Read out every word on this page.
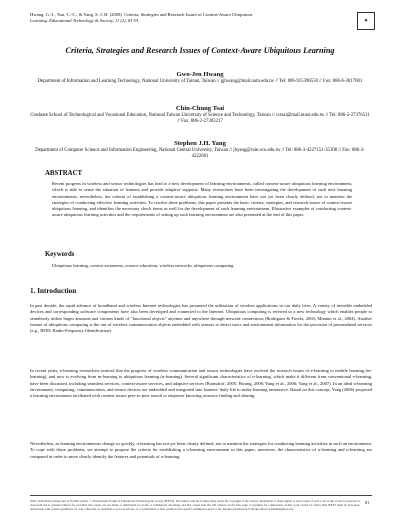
Hwang, G.-J., Tsai, C.-C., & Yang, S. J. H. (2008). Criteria, Strategies and Research Issues of Context-Aware Ubiquitous
Learning. Educational Technology & Society, 11 (2), 81-91.	✦
Criteria, Strategies and Research Issues of Context-Aware Ubiquitous Learning
Gwo-Jen Hwang
Department of Information and Learning Technology, National University of Tainan, Taiwan // gjhwang@mail.nutn.edu.tw // Tel: 886-915396558 // Fax: 886-6-3017001
Chin-Chung Tsai
Graduate School of Technological and Vocational Education, National Taiwan University of Science and Technology, Taiwan // cctsai@mail.ntust.edu.tw // Tel: 886-2-27376511 // Fax: 886-2-27303217
Stephen J.H. Yang
Department of Computer Science and Information Engineering, National Central University, Taiwan // jhyang@csie.ncu.edu.tw // Tel: 886-3-4227151-35308 // Fax: 886-3-4222681
ABSTRACT
Recent progress in wireless and sensor technologies has lead to a new development of learning environments, called context-aware ubiquitous learning environment, which is able to sense the situation of learners and provide adaptive supports. Many researchers have been investigating the development of such new learning environments; nevertheless, the criteria of establishing a context-aware ubiquitous learning environment have not yet been clearly defined, not to mention the strategies of conducting effective learning activities. To resolve these problems, this paper presents the basic criteria, strategies, and research issues of context-aware ubiquitous learning, and identifies the necessary check items as well for the development of such learning environment. Illustrative examples of conducting context-aware ubiquitous learning activities and the requirements of setting up such learning environment are also presented at the end of this paper.
Keywords
Ubiquitous learning, context awareness, science education, wireless networks, ubiquitous computing
1. Introduction
In past decade, the rapid advance of broadband and wireless Internet technologies has promoted the utilization of wireless applications in our daily lives. A variety of invisible embedded devices and corresponding software components have also been developed and connected to the Internet. Ubiquitous computing is referred to a new technology which enables people to seamlessly utilize huges amounts and various kinds of "functional objects" anytime and anywhere through network connections (Rodriguez & Favela, 2003; Minami et al., 2004). Another feature of ubiquitous computing is the use of wireless communication objects embedded with sensors to detect users and environment information for the provision of personalized services (e.g., RFID, Radio-Frequency Identification).
In recent years, e-learning researchers noticed that the progress of wireless communication and sensor technologies have evolved the research issues of e-learning to mobile learning (m-learning), and now is evolving from m-learning to ubiquitous learning (u-learning). Several significant characteristics of u-learning, which make it different from conventional e-learning, have been discussed, including seamless services, context-aware services, and adaptive services (Bomsdorf, 2005; Hwang, 2006; Yang et al., 2006; Yang et al., 2007). In an ideal u-learning environment, computing, communication, and sensor devices are embedded and integrated into learners' daily life to make learning immersive. Based on this concept, Yang (2006) proposed a learning environment facilitated with context-aware peer-to-peer search to empower knowing resource finding and sharing.
Nevertheless, as learning environments change so quickly, u-learning has not yet been clearly defined, not to mention the strategies for conducting learning activities in such an environment. To cope with those problems, we attempt to propose the criteria for establishing a u-learning environment in this paper; moreover, the characteristics of u-learning and u-learning are compared in order to more clearly identify the features and potentials of u-learning.
ISSN 1436-4522 (online) and 1176-3647 (print). © International Forum of Educational Technology & Society (IFETS). The authors and the forum jointly retain the copyright of the articles. Permission to make digital or hard copies of part or all of this work for personal or classroom use is granted without fee provided that copies are not made or distributed for profit or commercial advantage and that copies bear the full citation on the first page. Copyrights for components of this work owned by others than IFETS must be honoured. Abstracting with credit is permitted. To copy otherwise, to republish, to post on servers, or to redistribute to lists, requires prior specific permission and/or a fee. Request permissions from the editors at kinshuk@ieee.org.
81
